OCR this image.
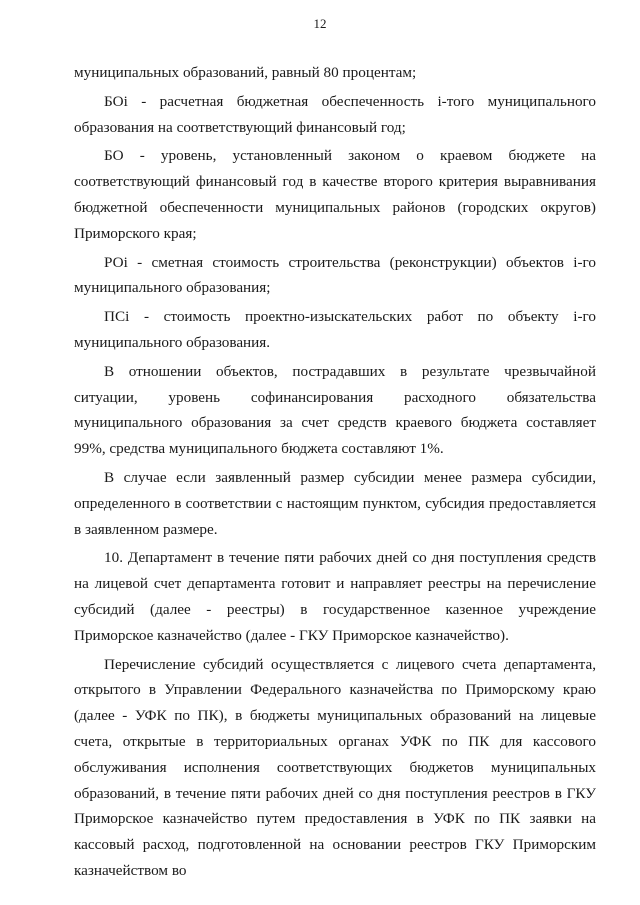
12

муниципальных образований, равный 80 процентам;

БОi - расчетная бюджетная обеспеченность i-того муниципального образования на соответствующий финансовый год;

БО - уровень, установленный законом о краевом бюджете на соответствующий финансовый год в качестве второго критерия выравнивания бюджетной обеспеченности муниципальных районов (городских округов) Приморского края;

РОi - сметная стоимость строительства (реконструкции) объектов i-го муниципального образования;

ПСi - стоимость проектно-изыскательских работ по объекту i-го муниципального образования.

В отношении объектов, пострадавших в результате чрезвычайной ситуации, уровень софинансирования расходного обязательства муниципального образования за счет средств краевого бюджета составляет 99%, средства муниципального бюджета составляют 1%.

В случае если заявленный размер субсидии менее размера субсидии, определенного в соответствии с настоящим пунктом, субсидия предоставляется в заявленном размере.

10. Департамент в течение пяти рабочих дней со дня поступления средств на лицевой счет департамента готовит и направляет реестры на перечисление субсидий (далее - реестры) в государственное казенное учреждение Приморское казначейство (далее - ГКУ Приморское казначейство).

Перечисление субсидий осуществляется с лицевого счета департамента, открытого в Управлении Федерального казначейства по Приморскому краю (далее - УФК по ПК), в бюджеты муниципальных образований на лицевые счета, открытые в территориальных органах УФК по ПК для кассового обслуживания исполнения соответствующих бюджетов муниципальных образований, в течение пяти рабочих дней со дня поступления реестров в ГКУ Приморское казначейство путем предоставления в УФК по ПК заявки на кассовый расход, подготовленной на основании реестров ГКУ Приморским казначейством во
